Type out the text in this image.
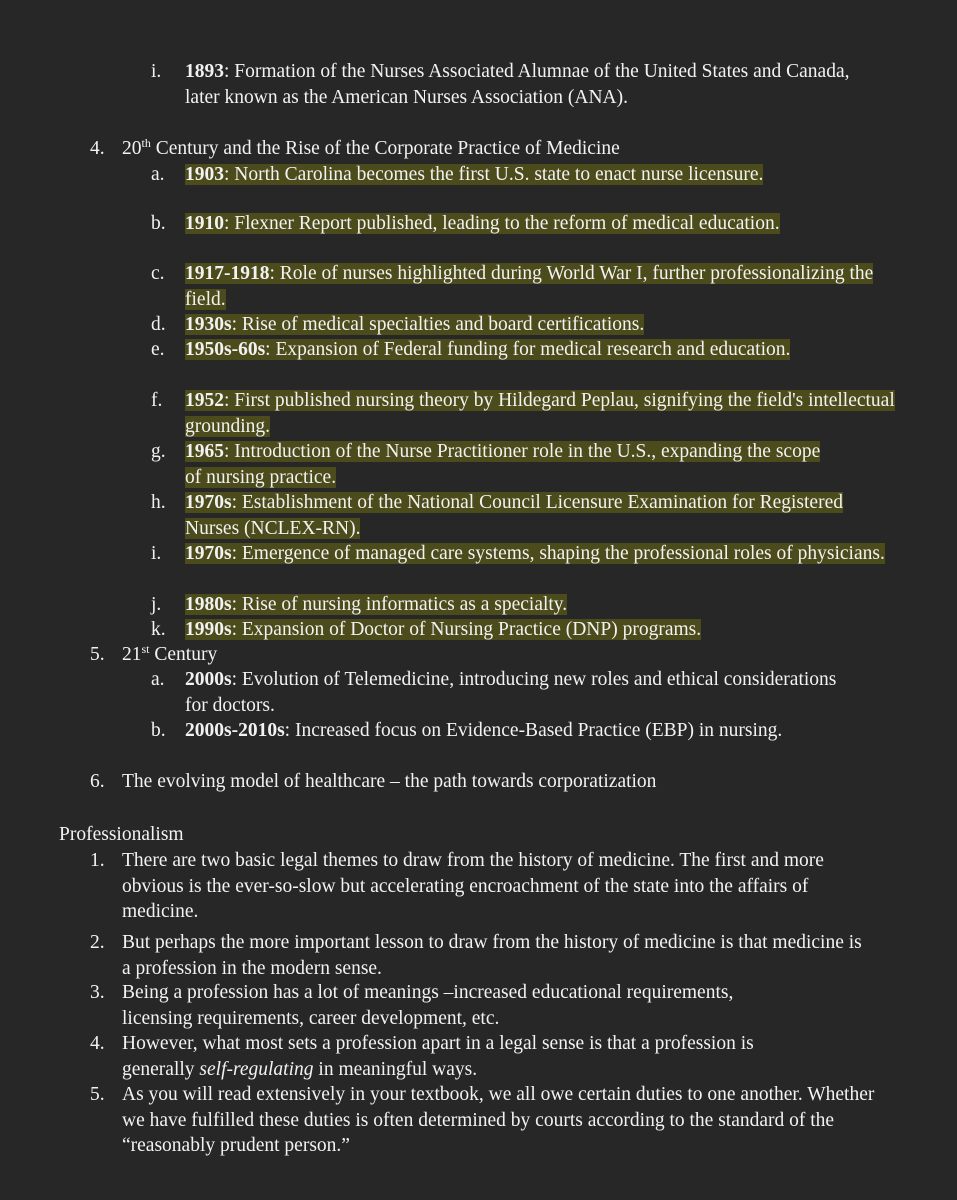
i. 1893: Formation of the Nurses Associated Alumnae of the United States and Canada, later known as the American Nurses Association (ANA).
4. 20th Century and the Rise of the Corporate Practice of Medicine
a. 1903: North Carolina becomes the first U.S. state to enact nurse licensure.
b. 1910: Flexner Report published, leading to the reform of medical education.
c. 1917-1918: Role of nurses highlighted during World War I, further professionalizing the field.
d. 1930s: Rise of medical specialties and board certifications.
e. 1950s-60s: Expansion of Federal funding for medical research and education.
f. 1952: First published nursing theory by Hildegard Peplau, signifying the field's intellectual grounding.
g. 1965: Introduction of the Nurse Practitioner role in the U.S., expanding the scope of nursing practice.
h. 1970s: Establishment of the National Council Licensure Examination for Registered Nurses (NCLEX-RN).
i. 1970s: Emergence of managed care systems, shaping the professional roles of physicians.
j. 1980s: Rise of nursing informatics as a specialty.
k. 1990s: Expansion of Doctor of Nursing Practice (DNP) programs.
5. 21st Century
a. 2000s: Evolution of Telemedicine, introducing new roles and ethical considerations for doctors.
b. 2000s-2010s: Increased focus on Evidence-Based Practice (EBP) in nursing.
6. The evolving model of healthcare – the path towards corporatization
Professionalism
1. There are two basic legal themes to draw from the history of medicine. The first and more obvious is the ever-so-slow but accelerating encroachment of the state into the affairs of medicine.
2. But perhaps the more important lesson to draw from the history of medicine is that medicine is a profession in the modern sense.
3. Being a profession has a lot of meanings –increased educational requirements, licensing requirements, career development, etc.
4. However, what most sets a profession apart in a legal sense is that a profession is generally self-regulating in meaningful ways.
5. As you will read extensively in your textbook, we all owe certain duties to one another. Whether we have fulfilled these duties is often determined by courts according to the standard of the “reasonably prudent person.”
